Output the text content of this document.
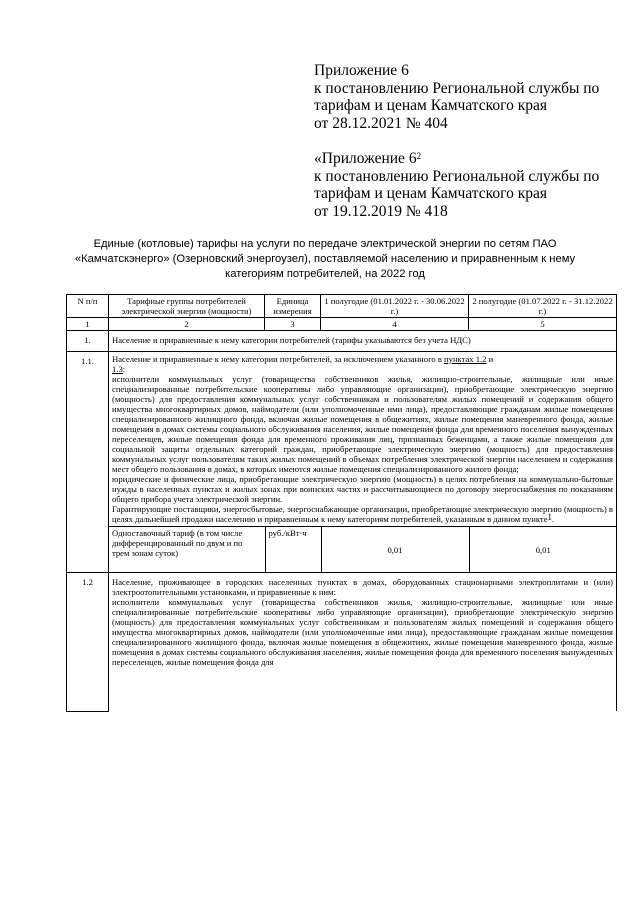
Приложение 6
к постановлению Региональной службы по
тарифам и ценам Камчатского края
от 28.12.2021 № 404
«Приложение $6^2$
к постановлению Региональной службы по
тарифам и ценам Камчатского края
от 19.12.2019 № 418
Единые (котловые) тарифы на услуги по передаче электрической энергии по сетям ПАО
«Камчатскэнерго» (Озерновский энергоузел), поставляемой населению и приравненным к нему
категориям потребителей, на 2022 год
N п/п	Тарифные группы потребителей электрической энергии (мощности)	Единица измерения	1 полугодие (01.01.2022 г. - 30.06.2022 г.)	2 полугодие (01.07.2022 г. - 31.12.2022 г.)
1	2	3	4	5
1.	Население и приравненные к нему категории потребителей (тарифы указываются без учета НДС)
1.1.	Население и приравненные к нему категории потребителей, за исключением указанного в пунктах 1.2 и
1.3:
исполнители коммунальных услуг (товарищества собственников жилья, жилищно-строительные, жилищные или иные специализированные потребительские кооперативы либо управляющие организации), приобретающие электрическую энергию (мощность) для предоставления коммунальных услуг собственникам и пользователям жилых помещений и содержания общего имущества многоквартирных домов, наймодатели (или уполномоченные ими лица), предоставляющие гражданам жилые помещения специализированного жилищного фонда, включая жилые помещения в общежитиях, жилые помещения маневренного фонда, жилые помещения в домах системы социального обслуживания населения, жилые помещения фонда для временного поселения вынужденных переселенцев, жилые помещения фонда для временного проживания лиц, признанных беженцами, а также жилые помещения для социальной защиты отдельных категорий граждан, приобретающие электрическую энергию (мощность) для предоставления коммунальных услуг пользователям таких жилых помещений в объемах потребления электрической энергии населением и содержания мест общего пользования в домах, в которых имеются жилые помещения специализированного жилого фонда;
юридические и физические лица, приобретающие электрическую энергию (мощность) в целях потребления на коммунально-бытовые нужды в населенных пунктах и жилых зонах при воинских частях и рассчитывающиеся по договору энергоснабжения по показаниям общего прибора учета электрической энергии.
Гарантирующие поставщики, энергосбытовые, энергоснабжающие организации, приобретающие электрическую энергию (мощность) в целях дальнейшей продажи населению и приравненным к нему категориям потребителей, указанным в данном пункте$^1$.
Одноставочный тариф (в том числе дифференцированный по двум и по трем зонам суток)	руб./кВт·ч	0,01	0,01

1.2	Население, проживающее в городских населенных пунктах в домах, оборудованных стационарными электроплитами и (или) электроотопительными установками, и приравненные к ним:
исполнители коммунальных услуг (товарищества собственников жилья, жилищно-строительные, жилищные или иные специализированные потребительские кооперативы либо управляющие организации), приобретающие электрическую энергию (мощность) для предоставления коммунальных услуг собственникам и пользователям жилых помещений и содержания общего имущества многоквартирных домов, наймодатели (или уполномоченные ими лица), предоставляющие гражданам жилые помещения специализированного жилищного фонда, включая жилые помещения в общежитиях, жилые помещения маневренного фонда, жилые помещения в домах системы социального обслуживания населения, жилые помещения фонда для временного поселения вынужденных переселенцев, жилые помещения фонда для
